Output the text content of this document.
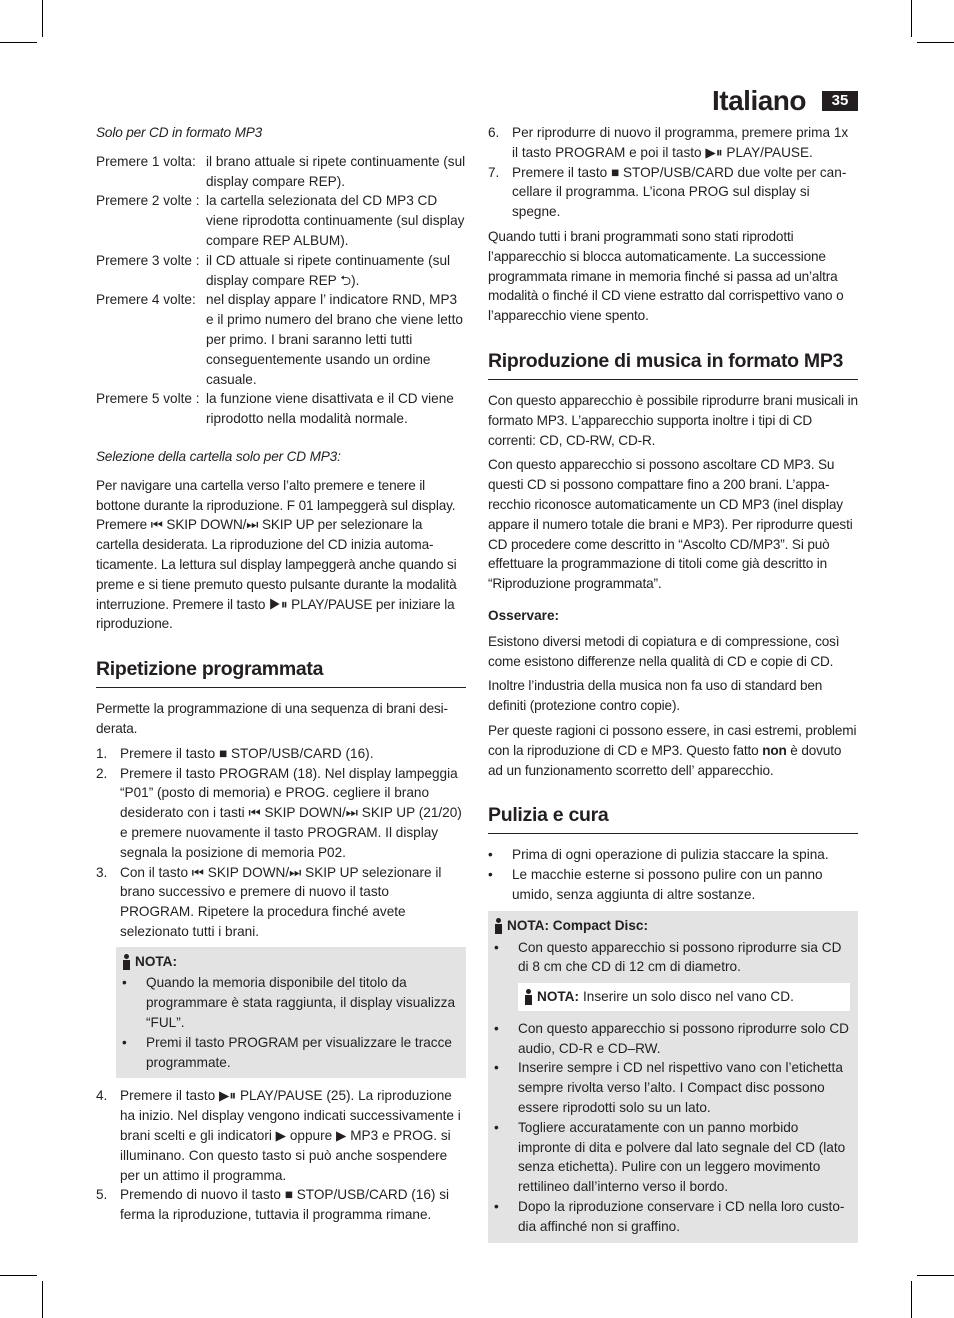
Italiano	35

Solo per CD in formato MP3

Premere 1 volta: il brano attuale si ripete continuamente (sul display compare REP).
Premere 2 volte : la cartella selezionata del CD MP3 CD viene riprodotta continuamente (sul display compare REP ALBUM).
Premere 3 volte : il CD attuale si ripete continuamente (sul display compare REP ⮌).
Premere 4 volte: nel display appare l’ indicatore RND, MP3 e il primo numero del brano che viene letto per primo. I brani saranno letti tutti conseguentemente usando un ordine casuale.
Premere 5 volte : la funzione viene disattivata e il CD viene riprodotto nella modalità normale.

Selezione della cartella solo per CD MP3:

Per navigare una cartella verso l’alto premere e tenere il bottone durante la riproduzione. F 01 lampeggerà sul display. Premere ⏮ SKIP DOWN/⏭ SKIP UP per selezionare la cartella desiderata. La riproduzione del CD inizia automaticamente. La lettura sul display lampeggerà anche quando si preme e si tiene premuto questo pulsante durante la modalità interruzione. Premere il tasto ▶⏸ PLAY/PAUSE per iniziare la riproduzione.

Ripetizione programmata

Permette la programmazione di una sequenza di brani desiderata.

1. Premere il tasto ■ STOP/USB/CARD (16).
2. Premere il tasto PROGRAM (18). Nel display lampeggia “P01” (posto di memoria) e PROG. cegliere il brano desiderato con i tasti ⏮ SKIP DOWN/⏭ SKIP UP (21/20) e premere nuovamente il tasto PROGRAM. Il display segnala la posizione di memoria P02.
3. Con il tasto ⏮ SKIP DOWN/⏭ SKIP UP selezionare il brano successivo e premere di nuovo il tasto PROGRAM. Ripetere la procedura finché avete selezionato tutti i brani.
NOTA:
•	Quando la memoria disponibile del titolo da programmare è stata raggiunta, il display visualizza “FUL”.
•	Premi il tasto PROGRAM per visualizzare le tracce programmate.
4. Premere il tasto ▶⏸ PLAY/PAUSE (25). La riproduzione ha inizio. Nel display vengono indicati successivamente i brani scelti e gli indicatori ▶ oppure ▶ MP3 e PROG. si illuminano. Con questo tasto si può anche sospendere per un attimo il programma.
5. Premendo di nuovo il tasto ■ STOP/USB/CARD (16) si ferma la riproduzione, tuttavia il programma rimane.
6. Per riprodurre di nuovo il programma, premere prima 1x il tasto PROGRAM e poi il tasto ▶⏸ PLAY/PAUSE.
7. Premere il tasto ■ STOP/USB/CARD due volte per cancellare il programma. L’icona PROG sul display si spegne.

Quando tutti i brani programmati sono stati riprodotti l’apparecchio si blocca automaticamente. La successione programmata rimane in memoria finché si passa ad un’altra modalità o finché il CD viene estratto dal corrispettivo vano o l’apparecchio viene spento.

Riproduzione di musica in formato MP3

Con questo apparecchio è possibile riprodurre brani musicali in formato MP3. L’apparecchio supporta inoltre i tipi di CD correnti: CD, CD-RW, CD-R.

Con questo apparecchio si possono ascoltare CD MP3. Su questi CD si possono compattare fino a 200 brani. L’apparecchio riconosce automaticamente un CD MP3 (inel display appare il numero totale die brani e MP3). Per riprodurre questi CD procedere come descritto in “Ascolto CD/MP3”. Si può effettuare la programmazione di titoli come già descritto in “Riproduzione programmata”.

Osservare:

Esistono diversi metodi di copiatura e di compressione, così come esistono differenze nella qualità di CD e copie di CD.

Inoltre l’industria della musica non fa uso di standard ben definiti (protezione contro copie).

Per queste ragioni ci possono essere, in casi estremi, problemi con la riproduzione di CD e MP3. Questo fatto non è dovuto ad un funzionamento scorretto dell’ apparecchio.

Pulizia e cura
•	Prima di ogni operazione di pulizia staccare la spina.
•	Le macchie esterne si possono pulire con un panno umido, senza aggiunta di altre sostanze.
NOTA: Compact Disc:
•	Con questo apparecchio si possono riprodurre sia CD di 8 cm che CD di 12 cm di diametro.
NOTA: Inserire un solo disco nel vano CD.
•	Con questo apparecchio si possono riprodurre solo CD audio, CD-R e CD–RW.
•	Inserire sempre i CD nel rispettivo vano con l’etichetta sempre rivolta verso l’alto. I Compact disc possono essere riprodotti solo su un lato.
•	Togliere accuratamente con un panno morbido impronte di dita e polvere dal lato segnale del CD (lato senza etichetta). Pulire con un leggero movimento rettilineo dall’interno verso il bordo.
•	Dopo la riproduzione conservare i CD nella loro custodia affinché non si graffino.
